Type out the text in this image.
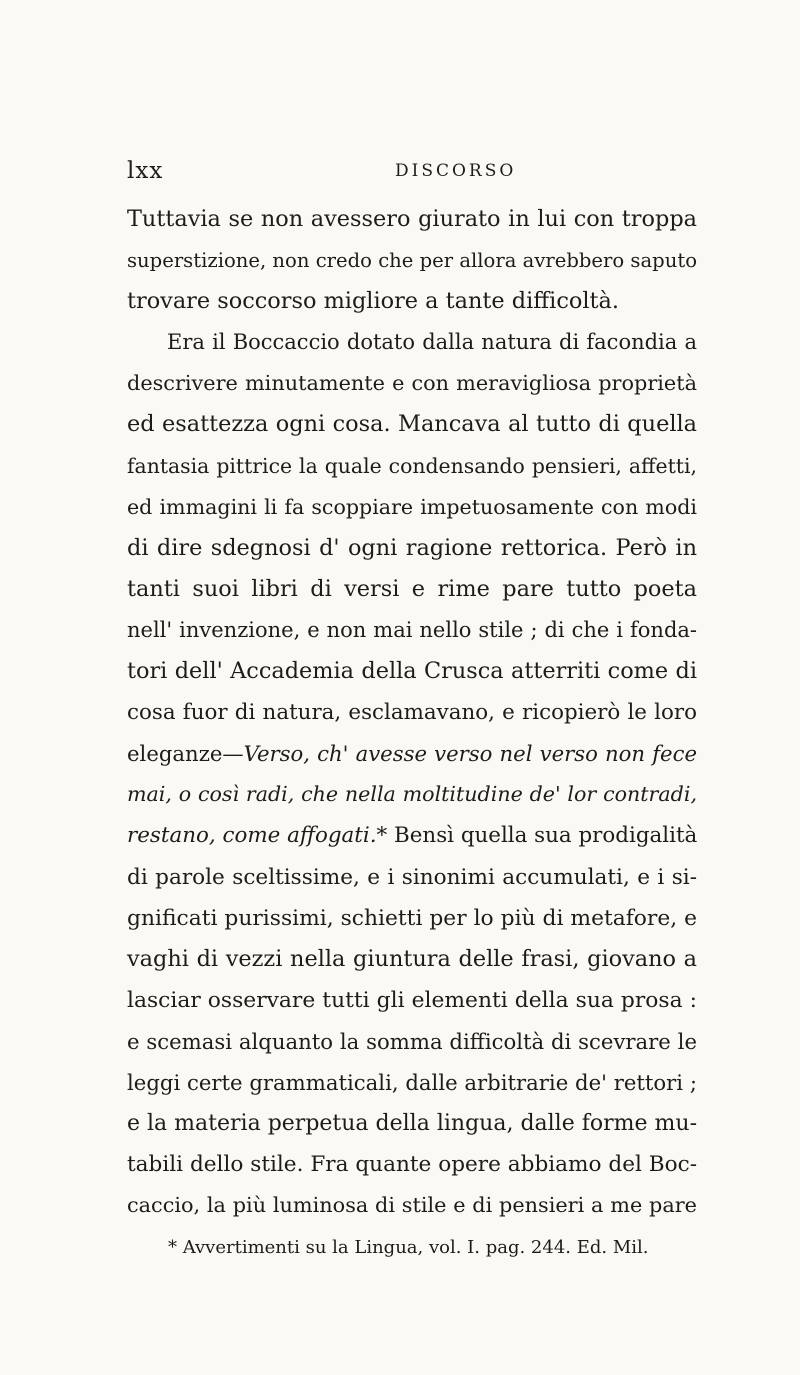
lxx	DISCORSO
Tuttavia se non avessero giurato in lui con troppa
superstizione, non credo che per allora avrebbero saputo
trovare soccorso migliore a tante difficoltà.
Era il Boccaccio dotato dalla natura di facondia a
descrivere minutamente e con meravigliosa proprietà
ed esattezza ogni cosa. Mancava al tutto di quella
fantasia pittrice la quale condensando pensieri, affetti,
ed immagini li fa scoppiare impetuosamente con modi
di dire sdegnosi d' ogni ragione rettorica. Però in
tanti suoi libri di versi e rime pare tutto poeta
nell' invenzione, e non mai nello stile ; di che i fonda-
tori dell' Accademia della Crusca atterriti come di
cosa fuor di natura, esclamavano, e ricopierò le loro
eleganze—Verso, ch' avesse verso nel verso non fece
mai, o così radi, che nella moltitudine de' lor contradi,
restano, come affogati.* Bensì quella sua prodigalità
di parole sceltissime, e i sinonimi accumulati, e i si-
gnificati purissimi, schietti per lo più di metafore, e
vaghi di vezzi nella giuntura delle frasi, giovano a
lasciar osservare tutti gli elementi della sua prosa :
e scemasi alquanto la somma difficoltà di scevrare le
leggi certe grammaticali, dalle arbitrarie de' rettori ;
e la materia perpetua della lingua, dalle forme mu-
tabili dello stile. Fra quante opere abbiamo del Boc-
caccio, la più luminosa di stile e di pensieri a me pare
* Avvertimenti su la Lingua, vol. I. pag. 244. Ed. Mil.
